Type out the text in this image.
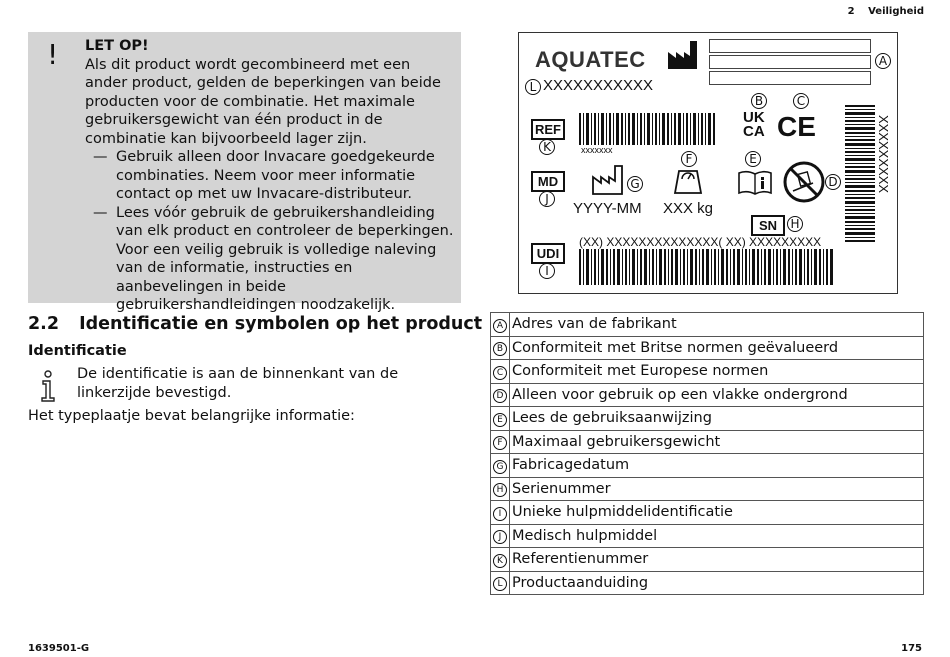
2 Veiligheid
! LET OP!
Als dit product wordt gecombineerd met een ander product, gelden de beperkingen van beide producten voor de combinatie. Het maximale gebruikersgewicht van één product in de combinatie kan bijvoorbeeld lager zijn.
— Gebruik alleen door Invacare goedgekeurde combinaties. Neem voor meer informatie contact op met uw Invacare-distributeur.
— Lees vóór gebruik de gebruikershandleiding van elk product en controleer de beperkingen. Voor een veilig gebruik is volledige naleving van de informatie, instructies en aanbevelingen in beide gebruikershandleidingen noodzakelijk.
2.2 Identificatie en symbolen op het product
Identificatie
De identificatie is aan de binnenkant van de linkerzijde bevestigd.
Het typeplaatje bevat belangrijke informatie:
AQUATEC	A
L XXXXXXXXXXX
B	C
REF
K	xxxxxxx
UK
CA CE
F	E
MD
J
G
YYYY-MM XXX kg
D
SN	H
UDI
I
(XX) XXXXXXXXXXXXXX( XX) XXXXXXXXX
XXXXXXXXX
A	Adres van de fabrikant
B	Conformiteit met Britse normen geëvalueerd
C	Conformiteit met Europese normen
D	Alleen voor gebruik op een vlakke ondergrond
E	Lees de gebruiksaanwijzing
F	Maximaal gebruikersgewicht
G	Fabricagedatum
H	Serienummer
I	Unieke hulpmiddelidentificatie
J	Medisch hulpmiddel
K	Referentienummer
L	Productaanduiding
1639501-G	175
